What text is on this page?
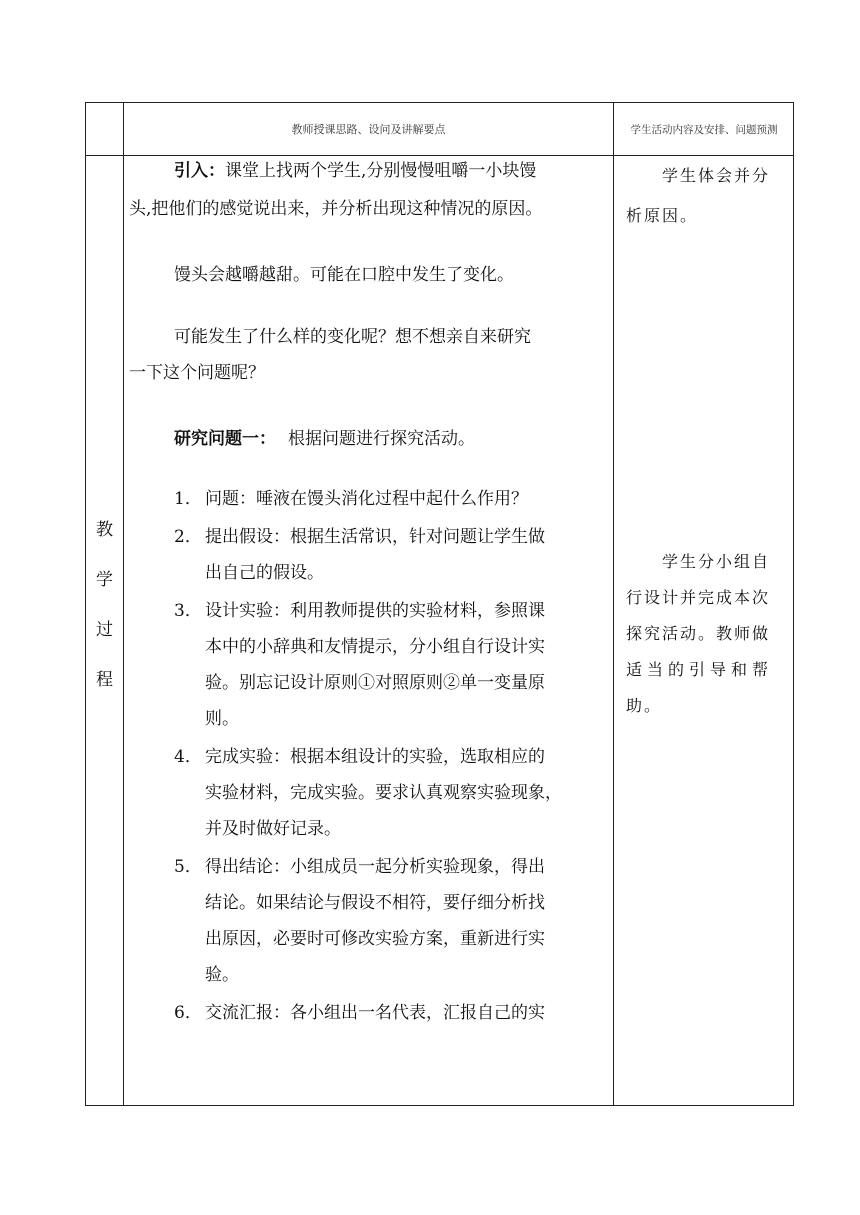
教师授课思路、设问及讲解要点	学生活动内容及安排、问题预测
教
学
过
程
引入：课堂上找两个学生,分别慢慢咀嚼一小块馒
头,把他们的感觉说出来，并分析出现这种情况的原因。
馒头会越嚼越甜。可能在口腔中发生了变化。
可能发生了什么样的变化呢？想不想亲自来研究
一下这个问题呢？
研究问题一： 根据问题进行探究活动。
1． 问题：唾液在馒头消化过程中起什么作用？
2． 提出假设：根据生活常识，针对问题让学生做
出自己的假设。
3． 设计实验：利用教师提供的实验材料，参照课
本中的小辞典和友情提示，分小组自行设计实
验。别忘记设计原则①对照原则②单一变量原
则。
4． 完成实验：根据本组设计的实验，选取相应的
实验材料，完成实验。要求认真观察实验现象，
并及时做好记录。
5． 得出结论：小组成员一起分析实验现象，得出
结论。如果结论与假设不相符，要仔细分析找
出原因，必要时可修改实验方案，重新进行实
验。
6． 交流汇报：各小组出一名代表，汇报自己的实
学生体会并分
析原因。
学生分小组自
行设计并完成本次
探究活动。教师做
适当的引导和帮
助。
